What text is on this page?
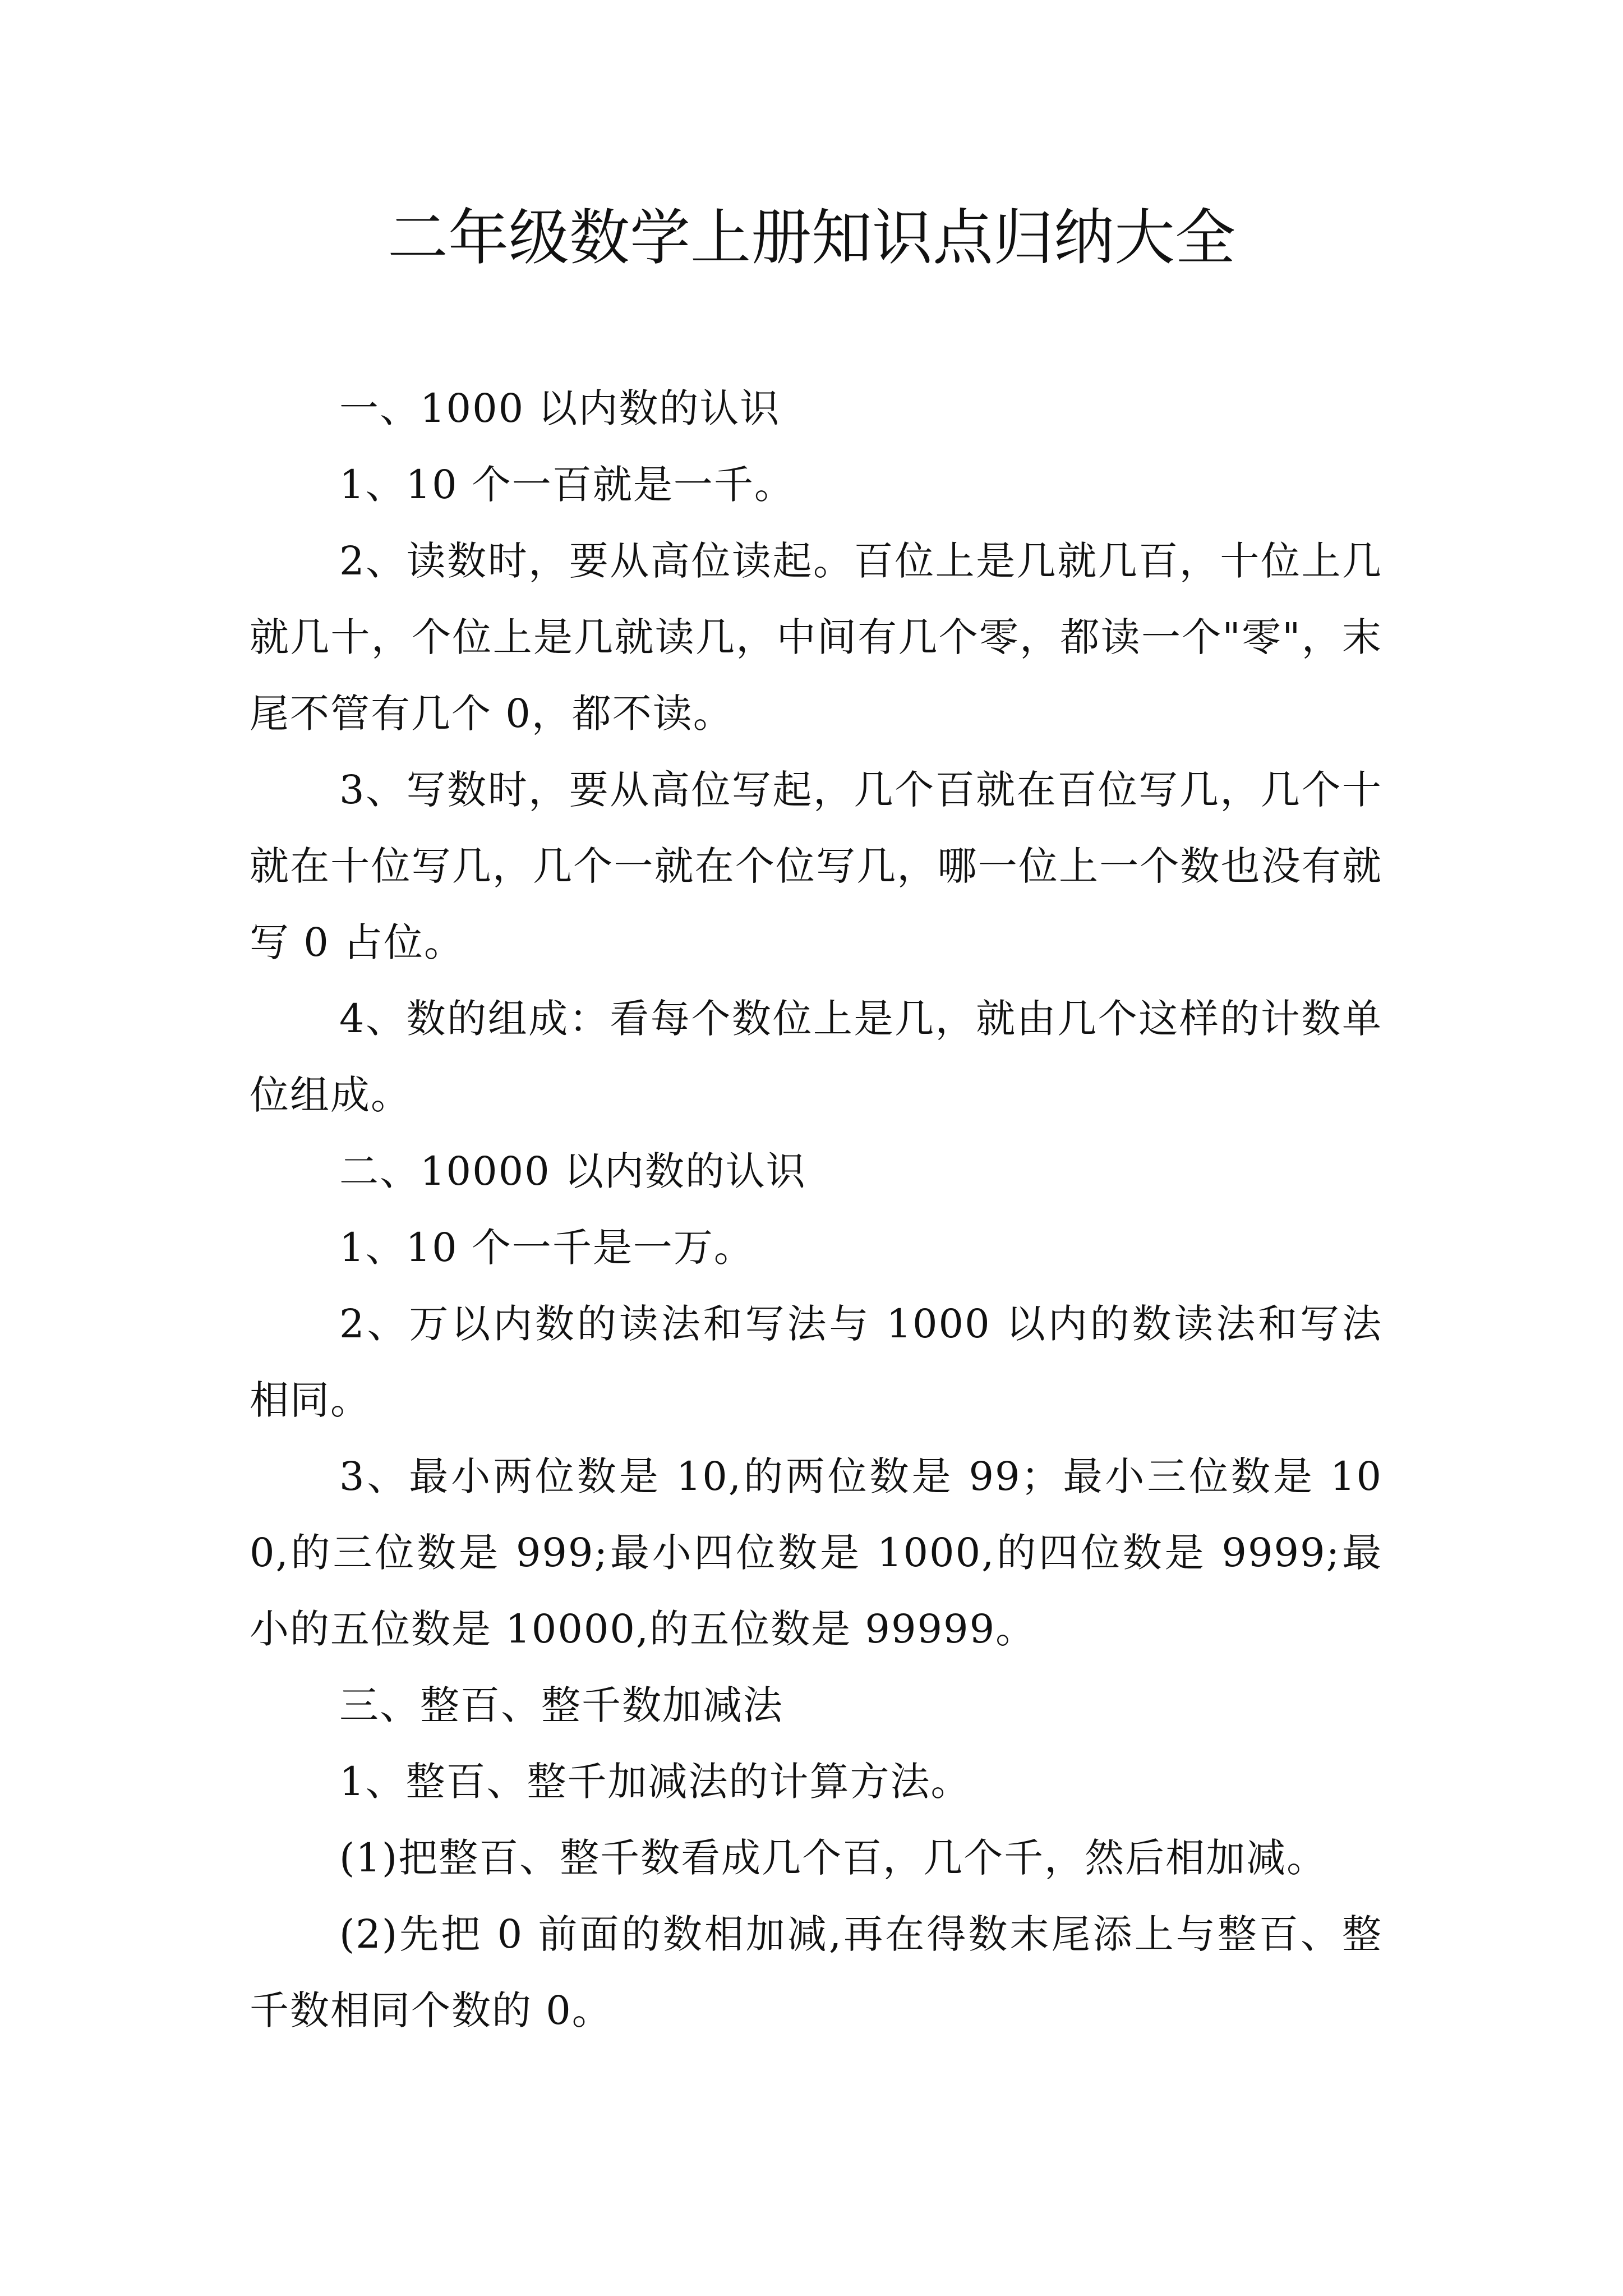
二年级数学上册知识点归纳大全

一、1000 以内数的认识

1、10 个一百就是一千。

2、读数时，要从高位读起。百位上是几就几百，十位上几就几十，个位上是几就读几，中间有几个零，都读一个"零"，末尾不管有几个 0，都不读。

3、写数时，要从高位写起，几个百就在百位写几，几个十就在十位写几，几个一就在个位写几，哪一位上一个数也没有就写 0 占位。

4、数的组成：看每个数位上是几，就由几个这样的计数单位组成。

二、10000 以内数的认识

1、10 个一千是一万。

2、万以内数的读法和写法与 1000 以内的数读法和写法相同。

3、最小两位数是 10,的两位数是 99；最小三位数是 100,的三位数是 999;最小四位数是 1000,的四位数是 9999;最小的五位数是 10000,的五位数是 99999。

三、整百、整千数加减法

1、整百、整千加减法的计算方法。

(1)把整百、整千数看成几个百，几个千，然后相加减。

(2)先把 0 前面的数相加减,再在得数末尾添上与整百、整千数相同个数的 0。
